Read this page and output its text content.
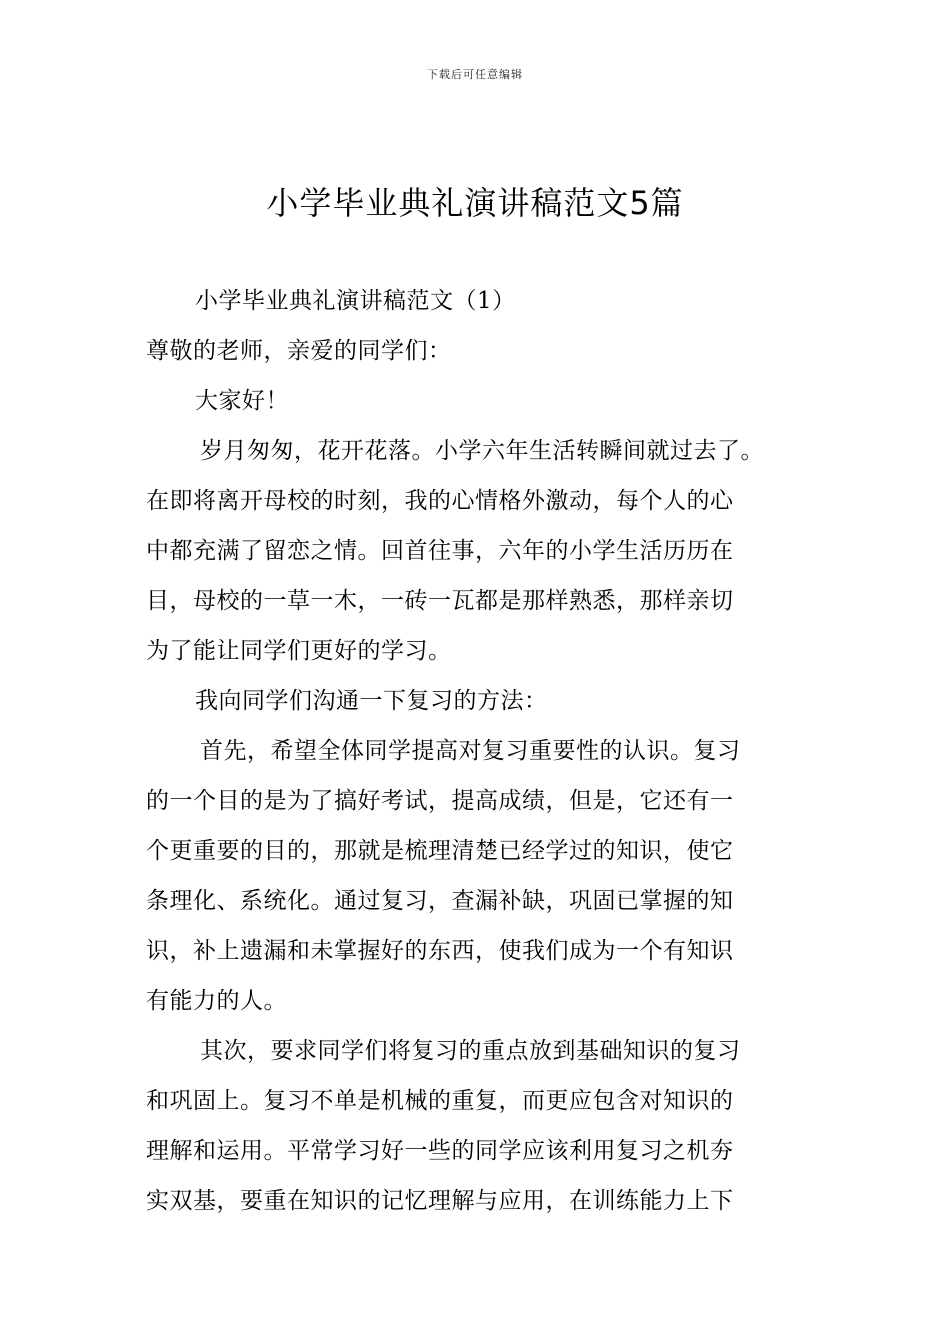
下载后可任意编辑
小学毕业典礼演讲稿范文5篇
小学毕业典礼演讲稿范文（1）
尊敬的老师，亲爱的同学们：
大家好！
岁月匆匆，花开花落。小学六年生活转瞬间就过去了。
在即将离开母校的时刻，我的心情格外激动，每个人的心
中都充满了留恋之情。回首往事，六年的小学生活历历在
目，母校的一草一木，一砖一瓦都是那样熟悉，那样亲切
为了能让同学们更好的学习。
我向同学们沟通一下复习的方法：
首先，希望全体同学提高对复习重要性的认识。复习
的一个目的是为了搞好考试，提高成绩，但是，它还有一
个更重要的目的，那就是梳理清楚已经学过的知识，使它
条理化、系统化。通过复习，查漏补缺，巩固已掌握的知
识，补上遗漏和未掌握好的东西，使我们成为一个有知识
有能力的人。
其次，要求同学们将复习的重点放到基础知识的复习
和巩固上。复习不单是机械的重复，而更应包含对知识的
理解和运用。平常学习好一些的同学应该利用复习之机夯
实双基，要重在知识的记忆理解与应用，在训练能力上下
